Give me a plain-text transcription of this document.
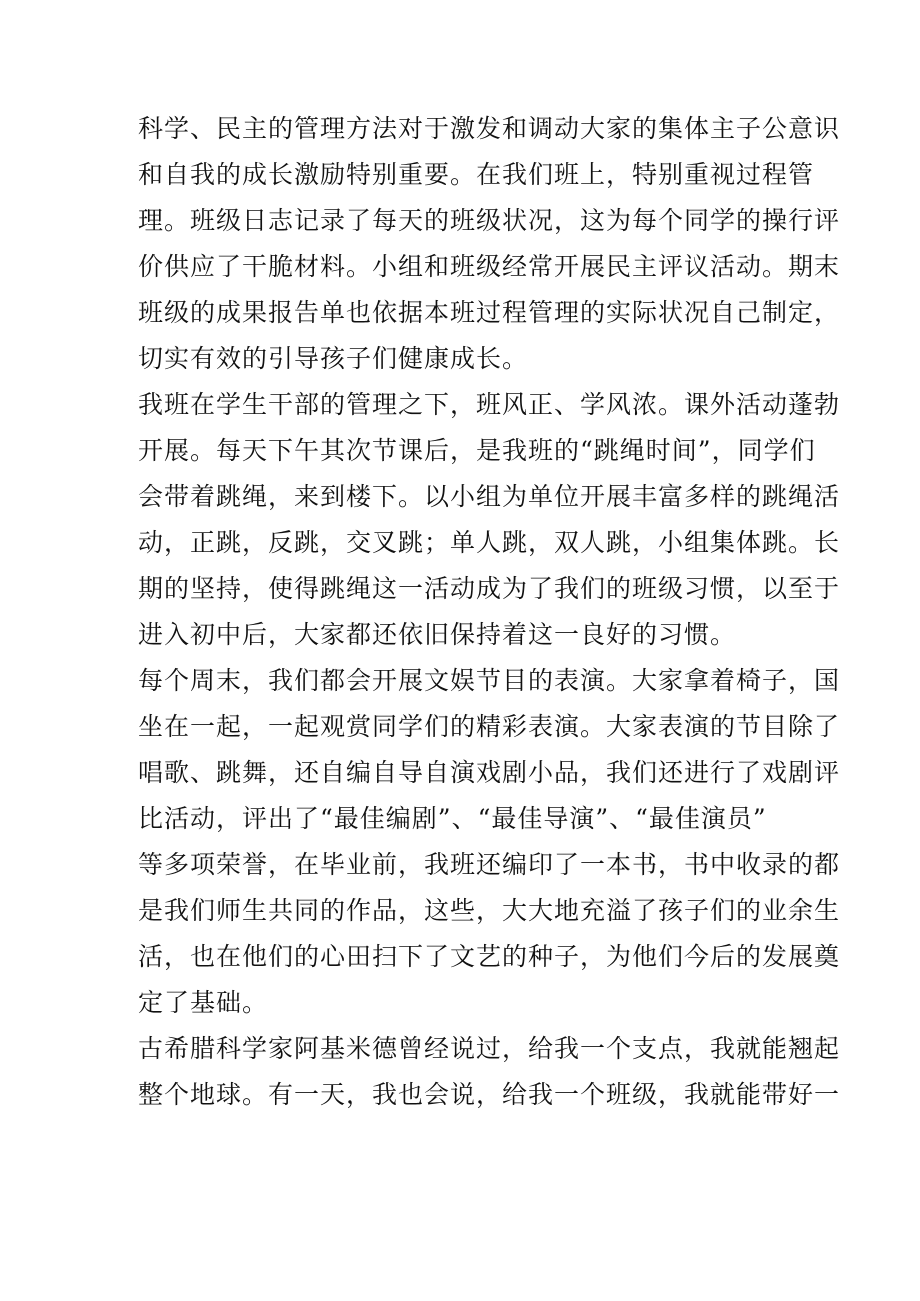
科学、民主的管理方法对于激发和调动大家的集体主子公意识
和自我的成长激励特别重要。在我们班上，特别重视过程管
理。班级日志记录了每天的班级状况，这为每个同学的操行评
价供应了干脆材料。小组和班级经常开展民主评议活动。期末
班级的成果报告单也依据本班过程管理的实际状况自己制定，
切实有效的引导孩子们健康成长。
我班在学生干部的管理之下，班风正、学风浓。课外活动蓬勃
开展。每天下午其次节课后，是我班的“跳绳时间”，同学们
会带着跳绳，来到楼下。以小组为单位开展丰富多样的跳绳活
动，正跳，反跳，交叉跳；单人跳，双人跳，小组集体跳。长
期的坚持，使得跳绳这一活动成为了我们的班级习惯，以至于
进入初中后，大家都还依旧保持着这一良好的习惯。
每个周末，我们都会开展文娱节目的表演。大家拿着椅子，国
坐在一起，一起观赏同学们的精彩表演。大家表演的节目除了
唱歌、跳舞，还自编自导自演戏剧小品，我们还进行了戏剧评
比活动，评出了“最佳编剧”、“最佳导演”、“最佳演员”
等多项荣誉，在毕业前，我班还编印了一本书，书中收录的都
是我们师生共同的作品，这些，大大地充溢了孩子们的业余生
活，也在他们的心田扫下了文艺的种子，为他们今后的发展奠
定了基础。
古希腊科学家阿基米德曾经说过，给我一个支点，我就能翘起
整个地球。有一天，我也会说，给我一个班级，我就能带好一
